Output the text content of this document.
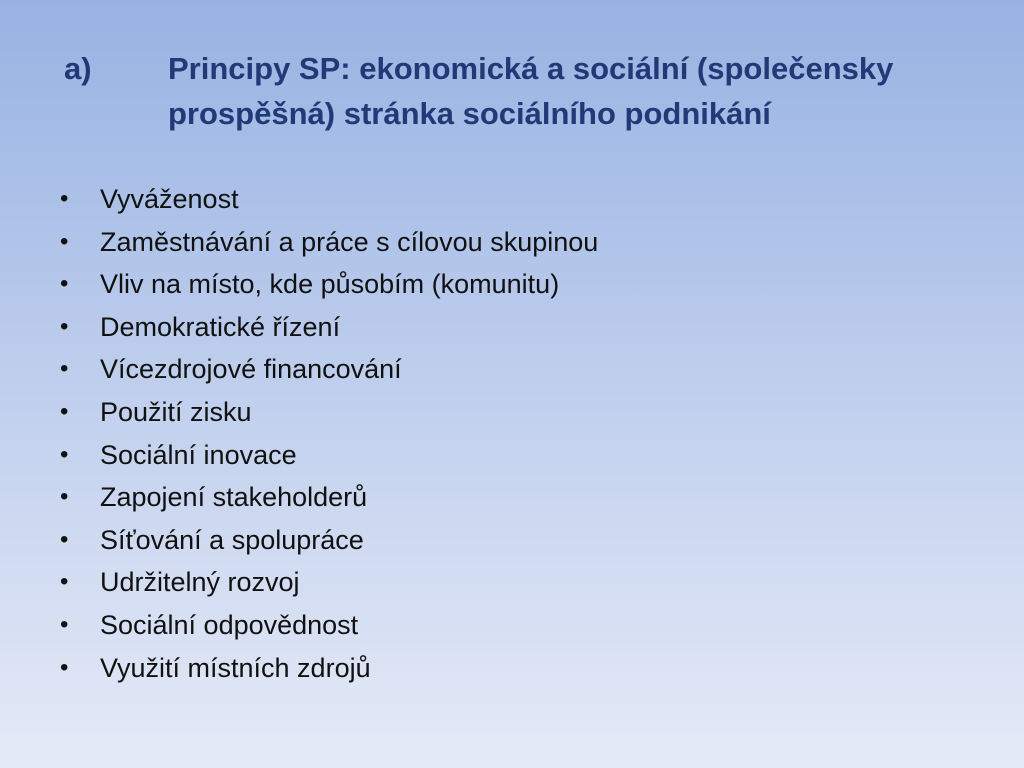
a) Principy SP: ekonomická a sociální (společensky
prospěšná) stránka sociálního podnikání
•	Vyváženost
•	Zaměstnávání a práce s cílovou skupinou
•	Vliv na místo, kde působím (komunitu)
•	Demokratické řízení
•	Vícezdrojové financování
•	Použití zisku
•	Sociální inovace
•	Zapojení stakeholderů
•	Síťování a spolupráce
•	Udržitelný rozvoj
•	Sociální odpovědnost
•	Využití místních zdrojů
